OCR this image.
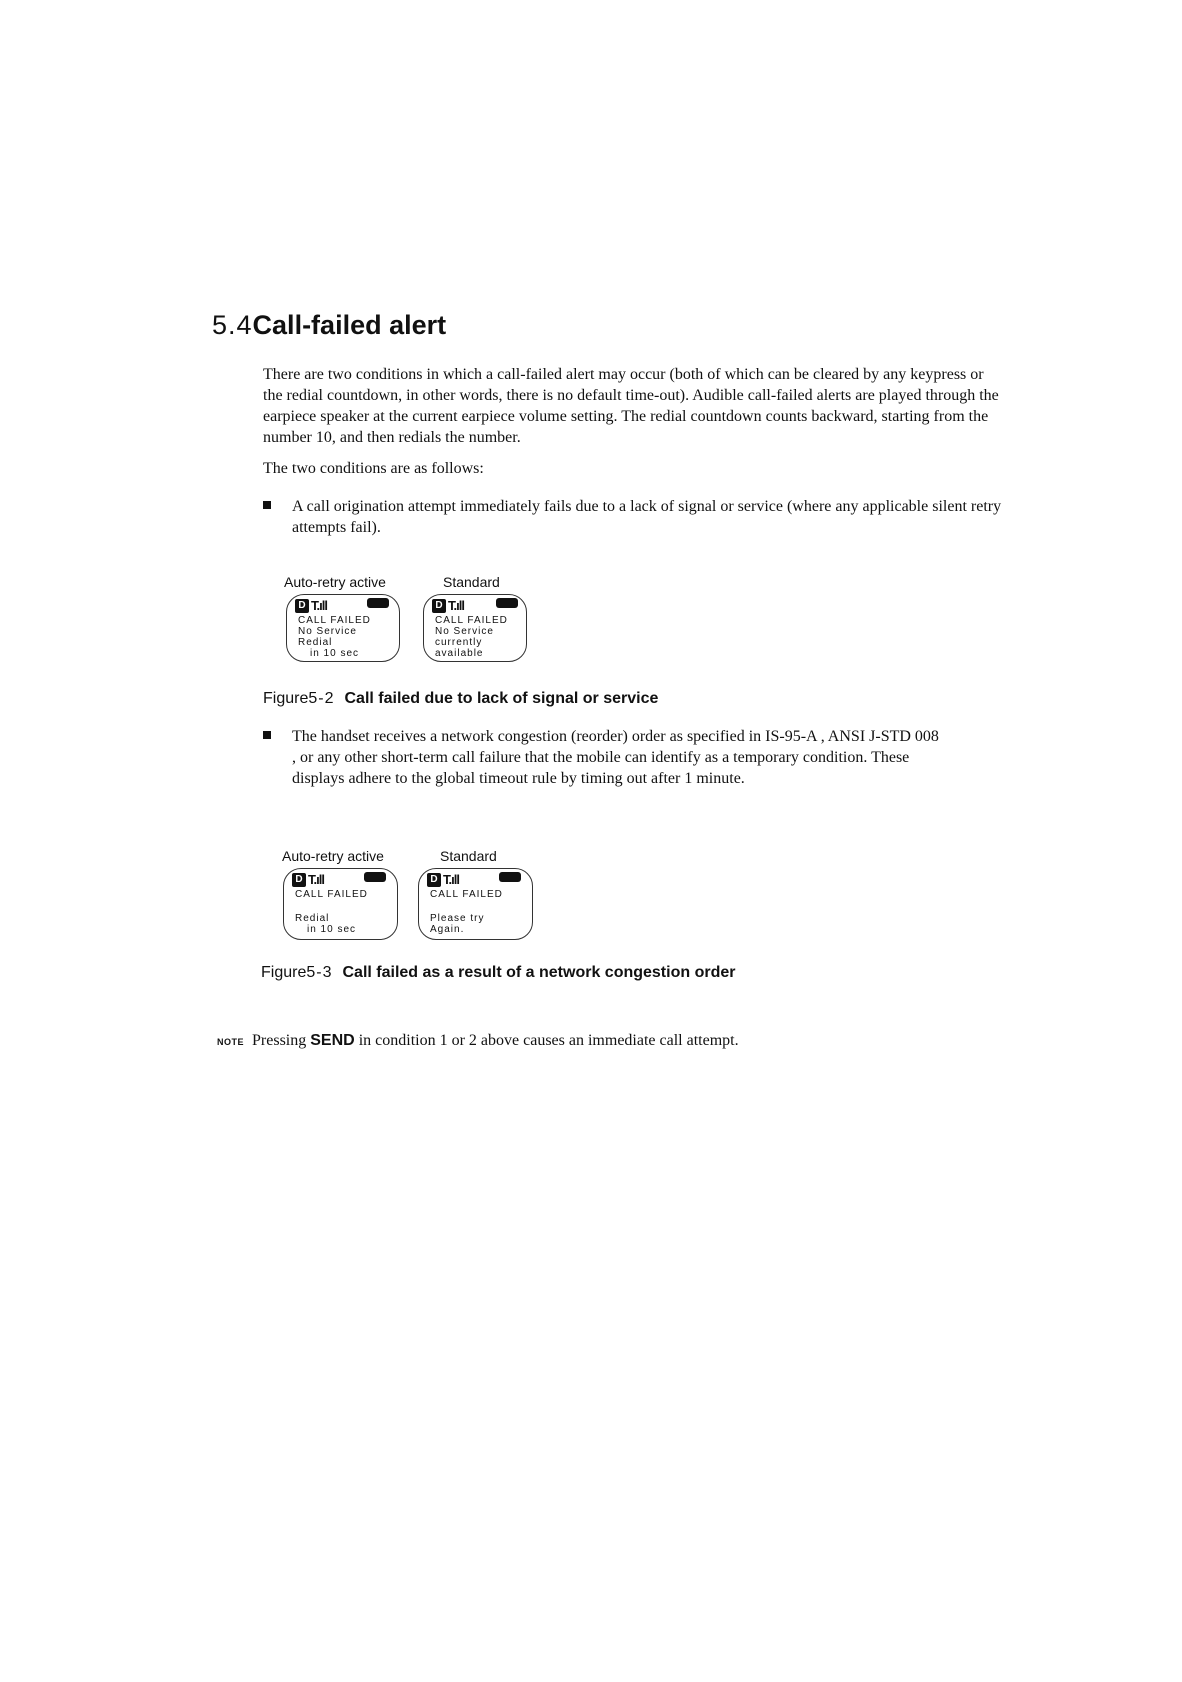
5.4Call-failed alert
There are two conditions in which a call-failed alert may occur (both of which can be cleared by any keypress or the redial countdown, in other words, there is no default time-out). Audible call-failed alerts are played through the earpiece speaker at the current earpiece volume setting. The redial countdown counts backward, starting from the number 10, and then redials the number.
The two conditions are as follows:
A call origination attempt immediately fails due to a lack of signal or service (where any applicable silent retry attempts fail).
Auto-retry active	Standard
D T.ıll
CALL FAILED
No Service
Redial
in 10 sec
D T.ıll
CALL FAILED
No Service
currently
available
Figure5-2 Call failed due to lack of signal or service
The handset receives a network congestion (reorder) order as specified in IS-95-A , ANSI J-STD 008 , or any other short-term call failure that the mobile can identify as a temporary condition. These displays adhere to the global timeout rule by timing out after 1 minute.
Auto-retry active	Standard
D T.ıll
CALL FAILED
Redial
in 10 sec
D T.ıll
CALL FAILED
Please try
Again.
Figure5-3 Call failed as a result of a network congestion order
NOTE Pressing SEND in condition 1 or 2 above causes an immediate call attempt.
